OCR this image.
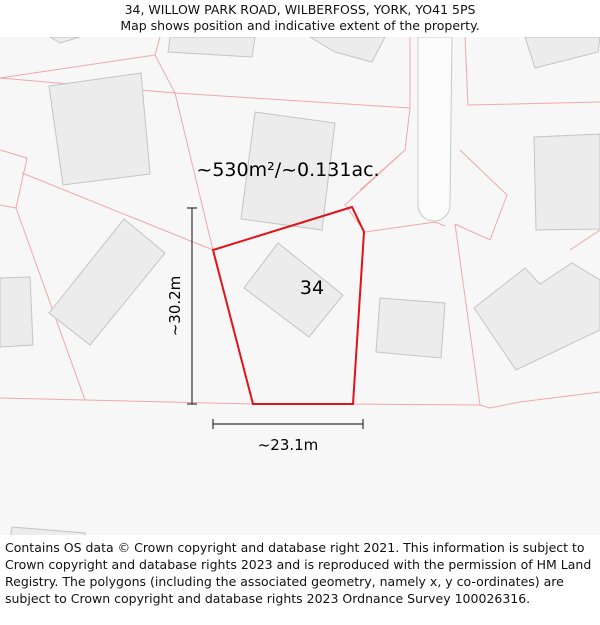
34, WILLOW PARK ROAD, WILBERFOSS, YORK, YO41 5PS
Map shows position and indicative extent of the property.
~530m²/~0.131ac.
34
~30.2m
~23.1m
Contains OS data © Crown copyright and database right 2021. This information is subject to Crown copyright and database rights 2023 and is reproduced with the permission of HM Land Registry. The polygons (including the associated geometry, namely x, y co-ordinates) are subject to Crown copyright and database rights 2023 Ordnance Survey 100026316.
